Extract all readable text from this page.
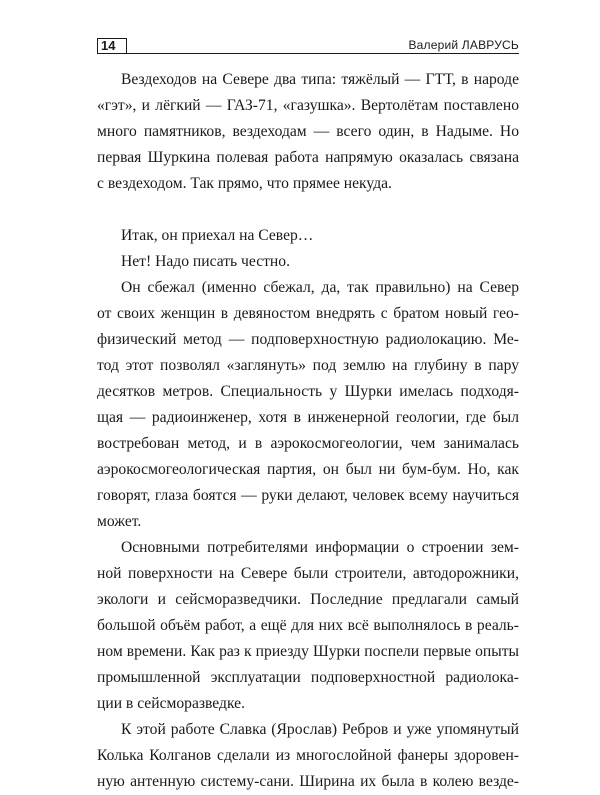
14	Валерий ЛАВРУСЬ
Вездеходов на Севере два типа: тяжёлый — ГТТ, в народе
«гэт», и лёгкий — ГАЗ-71, «газушка». Вертолётам поставлено
много памятников, вездеходам — всего один, в Надыме. Но
первая Шуркина полевая работа напрямую оказалась связана
с вездеходом. Так прямо, что прямее некуда.
Итак, он приехал на Север…
Нет! Надо писать честно.
Он сбежал (именно сбежал, да, так правильно) на Север
от своих женщин в девяностом внедрять с братом новый гео-
физический метод — подповерхностную радиолокацию. Ме-
тод этот позволял «заглянуть» под землю на глубину в пару
десятков метров. Специальность у Шурки имелась подходя-
щая — радиоинженер, хотя в инженерной геологии, где был
востребован метод, и в аэрокосмогеологии, чем занималась
аэрокосмогеологическая партия, он был ни бум-бум. Но, как
говорят, глаза боятся — руки делают, человек всему научиться
может.
Основными потребителями информации о строении зем-
ной поверхности на Севере были строители, автодорожники,
экологи и сейсморазведчики. Последние предлагали самый
большой объём работ, а ещё для них всё выполнялось в реаль-
ном времени. Как раз к приезду Шурки поспели первые опыты
промышленной эксплуатации подповерхностной радиолока-
ции в сейсморазведке.
К этой работе Славка (Ярослав) Ребров и уже упомянутый
Колька Колганов сделали из многослойной фанеры здоровен-
ную антенную систему-сани. Ширина их была в колею везде-
